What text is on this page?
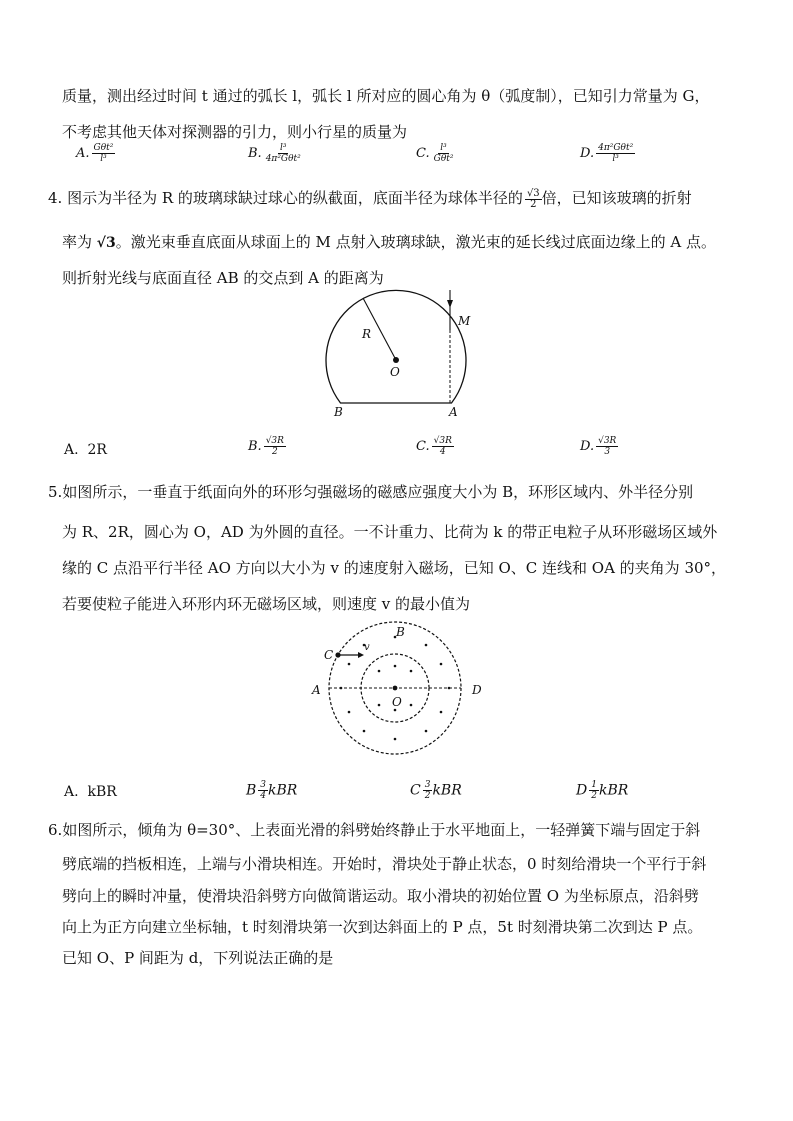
质量，测出经过时间 t 通过的弧长 l，弧长 l 所对应的圆心角为 θ（弧度制），已知引力常量为 G，
不考虑其他天体对探测器的引力，则小行星的质量为
A. $\frac{\text{Gθt²}}{\text{l³}}$	B. $\frac{\text{l³}}{\text{4π²Gθt²}}$	C. $\frac{\text{l³}}{\text{Gθt²}}$	D. $\frac{\text{4π²Gθt²}}{\text{l³}}$
4. 图示为半径为 R 的玻璃球缺过球心的纵截面，底面半径为球体半径的 $\frac{√3}{2}$ 倍，已知该玻璃的折射
率为 √3。激光束垂直底面从球面上的 M 点射入玻璃球缺，激光束的延长线过底面边缘上的 A 点。
则折射光线与底面直径 AB 的交点到 A 的距离为
R
O
M
A
B
A. 2R	B. $\frac{√3R}{2}$	C. $\frac{√3R}{4}$	D. $\frac{√3R}{3}$
5.如图所示，一垂直于纸面向外的环形匀强磁场的磁感应强度大小为 B，环形区域内、外半径分别
为 R、2R，圆心为 O，AD 为外圆的直径。一不计重力、比荷为 k 的带正电粒子从环形磁场区域外
缘的 C 点沿平行半径 AO 方向以大小为 v 的速度射入磁场，已知 O、C 连线和 OA 的夹角为 30°，
若要使粒子能进入环形内环无磁场区域，则速度 v 的最小值为
C
v
B
A	D
O
A. kBR	B $\frac{3}{4}$ kBR	C $\frac{3}{2}$ kBR	D $\frac{1}{2}$ kBR
6.如图所示，倾角为 θ=30°、上表面光滑的斜劈始终静止于水平地面上，一轻弹簧下端与固定于斜
劈底端的挡板相连，上端与小滑块相连。开始时，滑块处于静止状态，0 时刻给滑块一个平行于斜
劈向上的瞬时冲量，使滑块沿斜劈方向做简谐运动。取小滑块的初始位置 O 为坐标原点，沿斜劈
向上为正方向建立坐标轴，t 时刻滑块第一次到达斜面上的 P 点，5t 时刻滑块第二次到达 P 点。
已知 O、P 间距为 d，下列说法正确的是
